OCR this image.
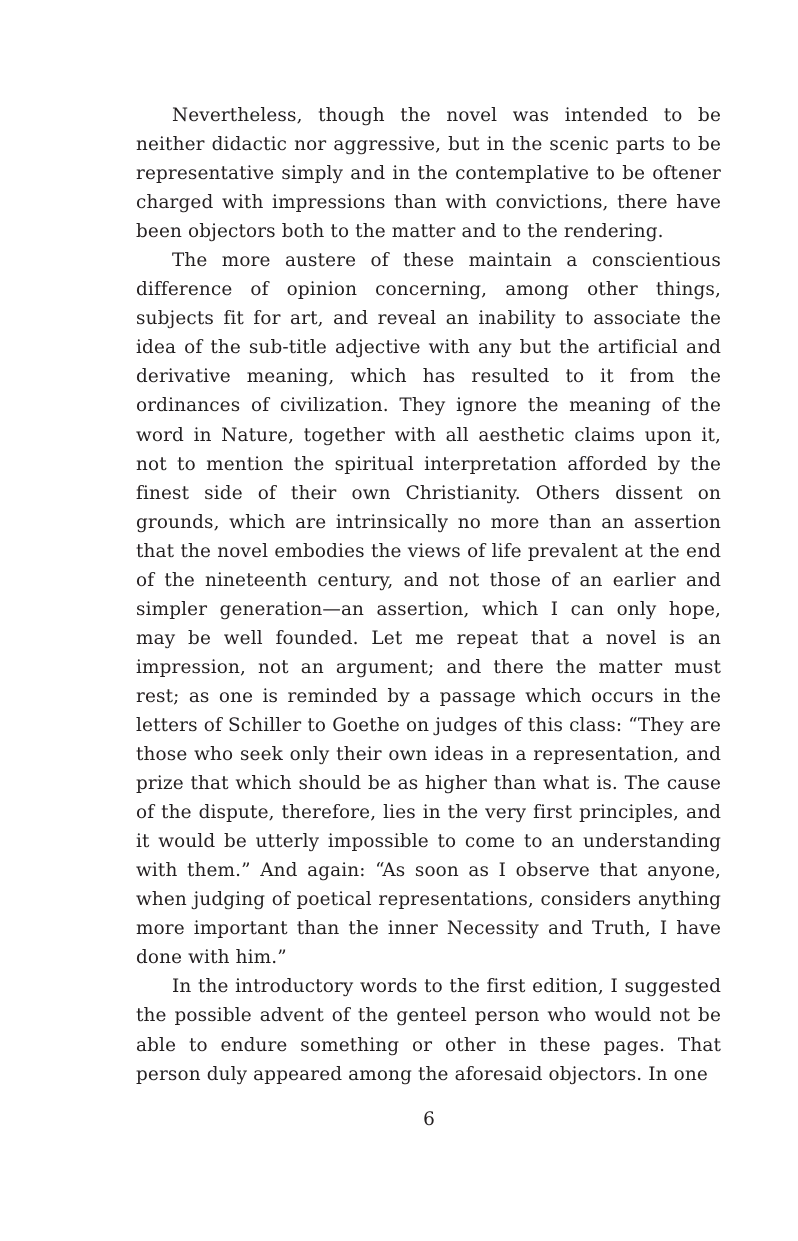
Nevertheless, though the novel was intended to be neither didactic nor aggressive, but in the scenic parts to be representative simply and in the contemplative to be oftener charged with impressions than with convictions, there have been objectors both to the matter and to the rendering.

The more austere of these maintain a conscientious difference of opinion concerning, among other things, subjects fit for art, and reveal an inability to associate the idea of the sub-title adjective with any but the artificial and derivative meaning, which has resulted to it from the ordinances of civilization. They ignore the meaning of the word in Nature, together with all aesthetic claims upon it, not to mention the spiritual interpretation afforded by the finest side of their own Christianity. Others dissent on grounds, which are intrinsically no more than an assertion that the novel embodies the views of life prevalent at the end of the nineteenth century, and not those of an earlier and simpler generation—an assertion, which I can only hope, may be well founded. Let me repeat that a novel is an impression, not an argument; and there the matter must rest; as one is reminded by a passage which occurs in the letters of Schiller to Goethe on judges of this class: “They are those who seek only their own ideas in a representation, and prize that which should be as higher than what is. The cause of the dispute, therefore, lies in the very first principles, and it would be utterly impossible to come to an understanding with them.” And again: “As soon as I observe that anyone, when judging of poetical representations, considers anything more important than the inner Necessity and Truth, I have done with him.”

In the introductory words to the first edition, I suggested the possible advent of the genteel person who would not be able to endure something or other in these pages. That person duly appeared among the aforesaid objectors. In one

6
